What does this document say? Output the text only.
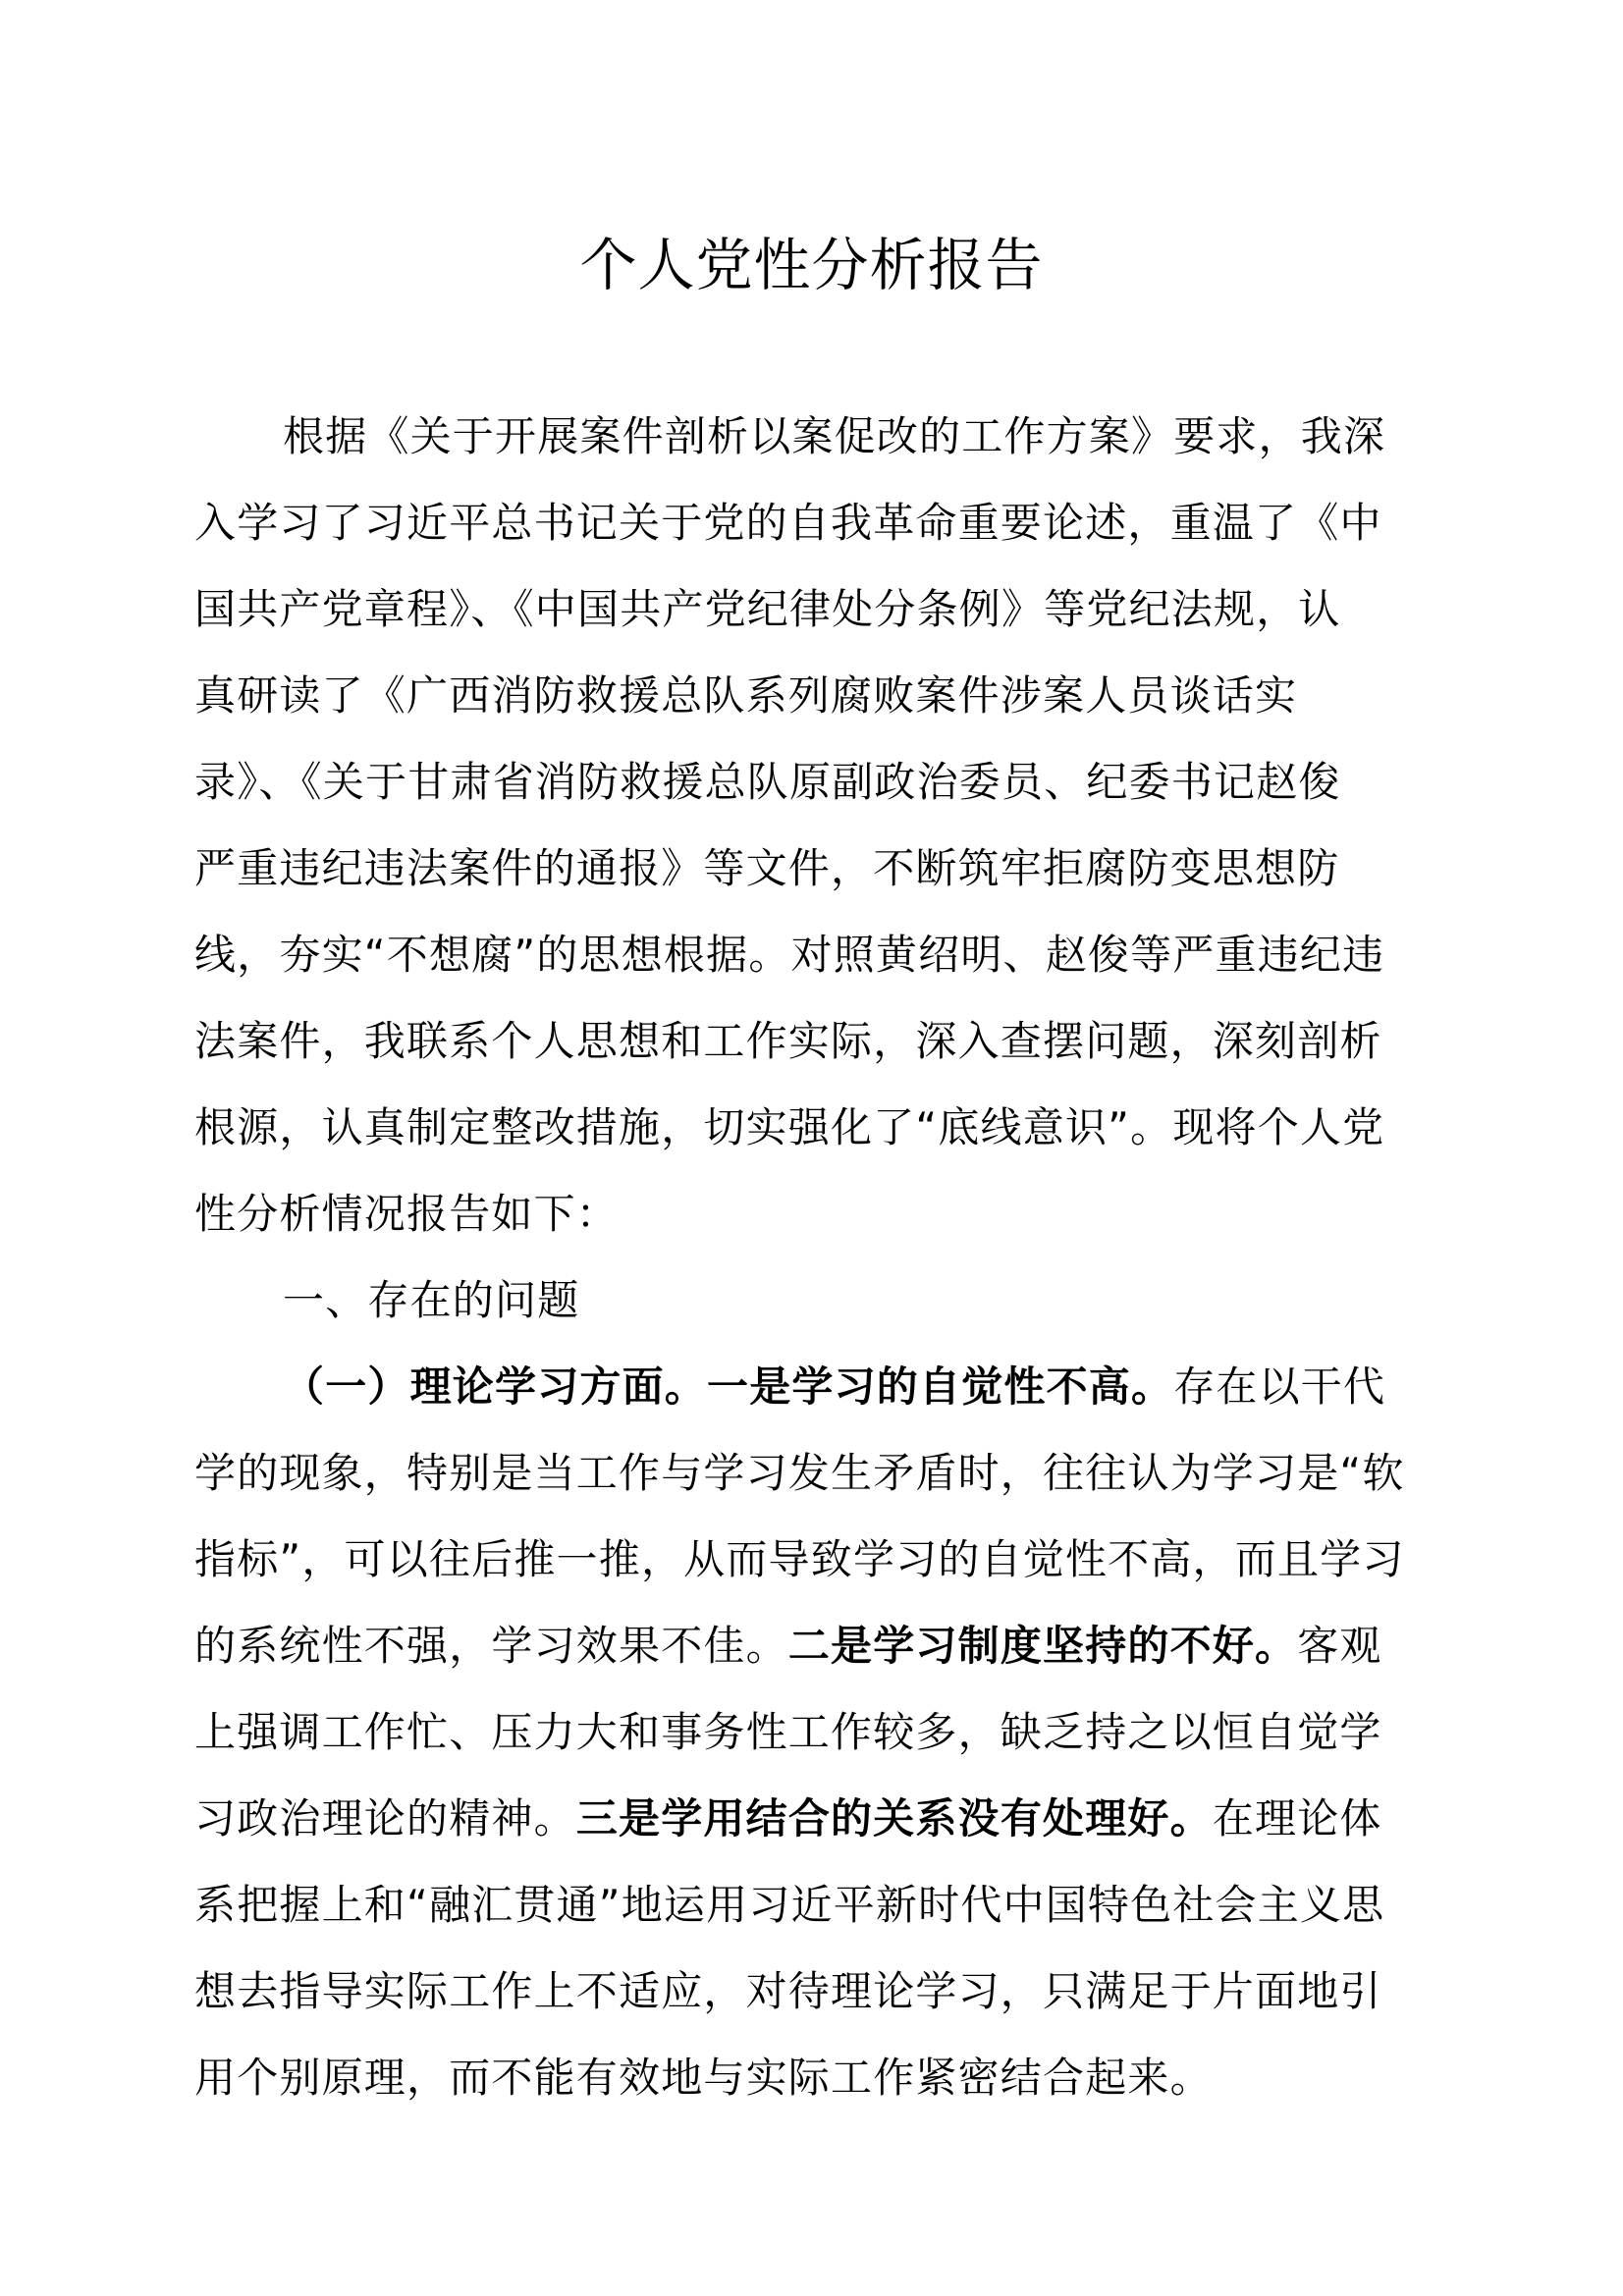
个人党性分析报告
根据《关于开展案件剖析以案促改的工作方案》要求，我深
入学习了习近平总书记关于党的自我革命重要论述，重温了《中
国共产党章程》、《中国共产党纪律处分条例》等党纪法规，认
真研读了《广西消防救援总队系列腐败案件涉案人员谈话实
录》、《关于甘肃省消防救援总队原副政治委员、纪委书记赵俊
严重违纪违法案件的通报》等文件，不断筑牢拒腐防变思想防
线，夯实“不想腐”的思想根据。对照黄绍明、赵俊等严重违纪违
法案件，我联系个人思想和工作实际，深入查摆问题，深刻剖析
根源，认真制定整改措施，切实强化了“底线意识”。现将个人党
性分析情况报告如下：
一、存在的问题
（一）理论学习方面。一是学习的自觉性不高。存在以干代
学的现象，特别是当工作与学习发生矛盾时，往往认为学习是“软
指标”，可以往后推一推，从而导致学习的自觉性不高，而且学习
的系统性不强，学习效果不佳。二是学习制度坚持的不好。客观
上强调工作忙、压力大和事务性工作较多，缺乏持之以恒自觉学
习政治理论的精神。三是学用结合的关系没有处理好。在理论体
系把握上和“融汇贯通”地运用习近平新时代中国特色社会主义思
想去指导实际工作上不适应，对待理论学习，只满足于片面地引
用个别原理，而不能有效地与实际工作紧密结合起来。
